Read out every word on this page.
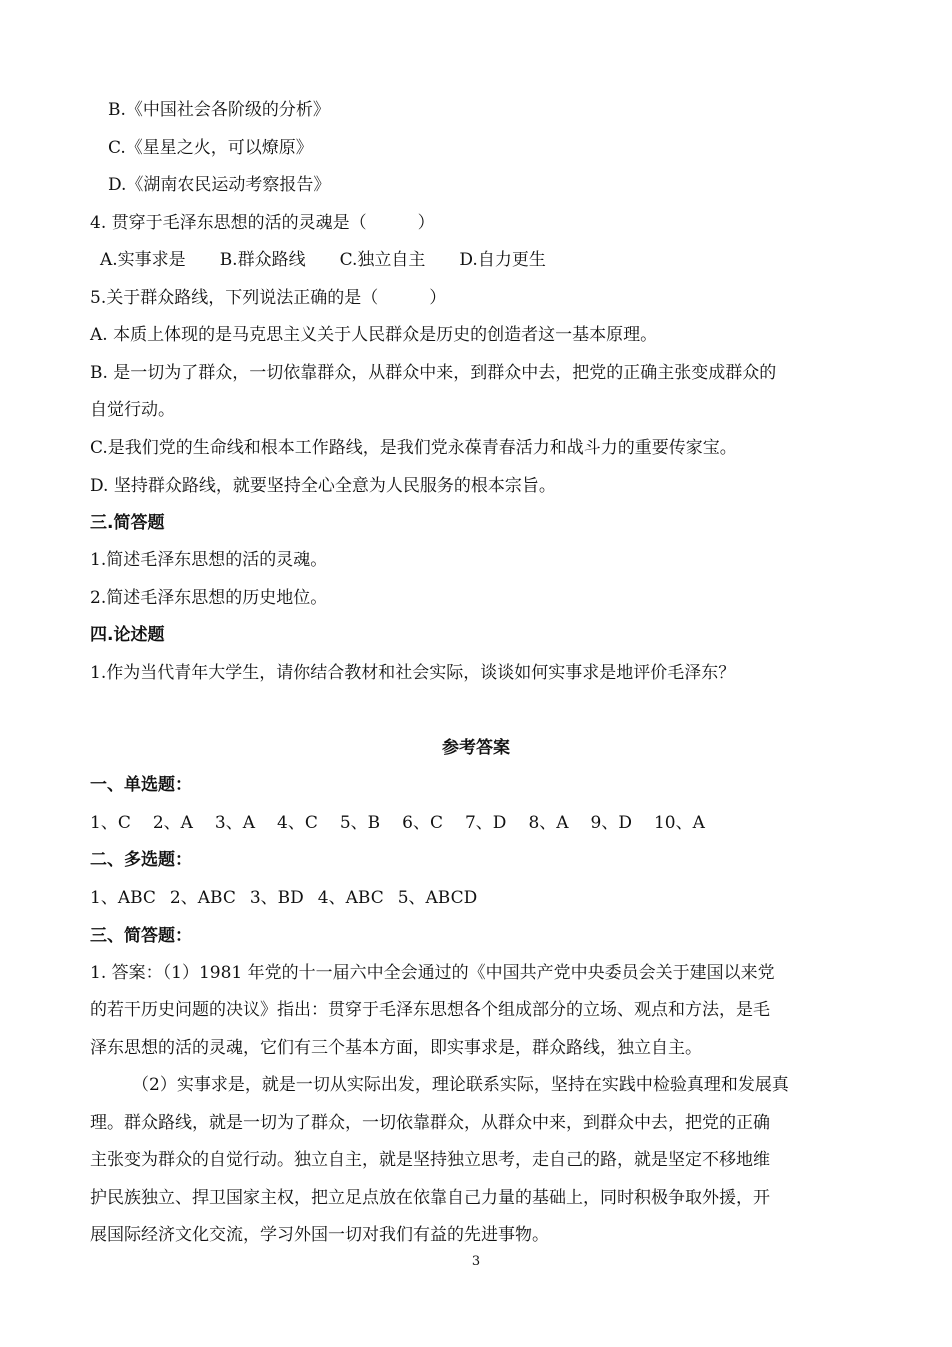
B.《中国社会各阶级的分析》
C.《星星之火，可以燎原》
D.《湖南农民运动考察报告》
4. 贯穿于毛泽东思想的活的灵魂是（　　　）
A.实事求是 B.群众路线 C.独立自主 D.自力更生
5.关于群众路线，下列说法正确的是（　　　）
A. 本质上体现的是马克思主义关于人民群众是历史的创造者这一基本原理。
B. 是一切为了群众，一切依靠群众，从群众中来，到群众中去，把党的正确主张变成群众的
自觉行动。
C.是我们党的生命线和根本工作路线，是我们党永葆青春活力和战斗力的重要传家宝。
D. 坚持群众路线，就要坚持全心全意为人民服务的根本宗旨。
三.简答题
1.简述毛泽东思想的活的灵魂。
2.简述毛泽东思想的历史地位。
四.论述题
1.作为当代青年大学生，请你结合教材和社会实际，谈谈如何实事求是地评价毛泽东？
参考答案
一、单选题：
1、C 2、A 3、A 4、C 5、B 6、C 7、D 8、A 9、D 10、A
二、多选题：
1、ABC 2、ABC 3、BD 4、ABC 5、ABCD
三、简答题：
1. 答案：（1）1981 年党的十一届六中全会通过的《中国共产党中央委员会关于建国以来党
的若干历史问题的决议》指出：贯穿于毛泽东思想各个组成部分的立场、观点和方法，是毛
泽东思想的活的灵魂，它们有三个基本方面，即实事求是，群众路线，独立自主。
（2）实事求是，就是一切从实际出发，理论联系实际，坚持在实践中检验真理和发展真
理。群众路线，就是一切为了群众，一切依靠群众，从群众中来，到群众中去，把党的正确
主张变为群众的自觉行动。独立自主，就是坚持独立思考，走自己的路，就是坚定不移地维
护民族独立、捍卫国家主权，把立足点放在依靠自己力量的基础上，同时积极争取外援，开
展国际经济文化交流，学习外国一切对我们有益的先进事物。
3
